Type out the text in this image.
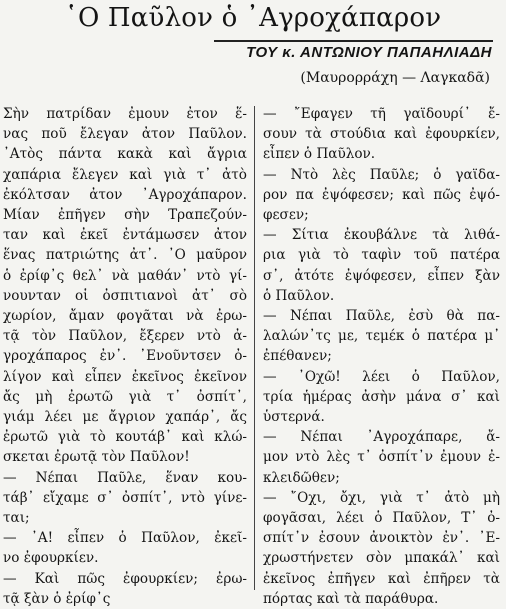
῾Ο Παῦλον ὁ ᾿Αγροχάπαρον
ΤΟΥ κ. ΑΝΤΩΝΙΟΥ ΠΑΠΑΗΛΙΑΔΗ
(Μαυρορράχη — Λαγκαδᾶ)
Σὴν πατρίδαν ἐμουν ἐτον ἕ-
νας ποῦ ἔλεγαν ἀτον Παῦλον.
᾿Ατὸς πάντα κακὰ καὶ ἄγρια
χαπάρια ἔλεγεν καὶ γιὰ τ᾿ ἀτὸ
ἐκόλτσαν ἀτον ᾿Αγροχάπαρον.
Μίαν ἐπῆγεν σὴν Τραπεζούν-
ταν καὶ ἐκεῖ ἐντάμωσεν ἀτον
ἕνας πατριώτης ἀτ᾿. ᾿Ο μαῦρον
ὁ ἐρίφ᾿ς θελ᾿ νὰ μαθάν᾿ ντὸ γί-
νουνταν οἱ ὀσπιτιανοὶ ἀτ᾿ σὸ
χωρίον, ἄμαν φογᾶται νὰ ἐρω-
τᾷ τὸν Παῦλον, ἔξερεν ντὸ ἀ-
γροχάπαρος ἐν᾿. ᾿Ενοῦντσεν ὀ-
λίγον καὶ εἶπεν ἐκεῖνος ἐκεῖνον
ἄς μὴ ἐρωτῶ γιὰ τ᾿ ὀσπίτ᾿,
γιάμ λέει με ἄγριον χαπάρ᾿, ἄς
ἐρωτῶ γιὰ τὸ κουτάβ᾿ καὶ κλώ-
σκεται ἐρωτᾷ τὸν Παῦλον!
— Νέπαι Παῦλε, ἕναν κου-
τάβ᾿ εἴχαμε σ᾿ ὀσπίτ᾿, ντὸ γίνε-
ται;
— ᾿Α! εἶπεν ὁ Παῦλον, ἐκεῖ-
νο ἐφουρκίεν.
— Καὶ πῶς ἐφουρκίεν; ἐρω-
τᾷ ξὰν ὁ ἐρίφ᾿ς
— ῎Εφαγεν τῆ γαϊδουρί᾿ ἔ-
σουν τὰ στούδια καὶ ἐφουρκίεν,
εἶπεν ὁ Παῦλον.
— Ντὸ λὲς Παῦλε; ὁ γαϊδα-
ρον πα ἐψόφεσεν; καὶ πῶς ἐψό-
φεσεν;
— Σίτια ἐκουβάλνε τὰ λιθά-
ρια γιὰ τὸ ταφὶν τοῦ πατέρα
σ᾿, ἀτότε ἐψόφεσεν, εἶπεν ξὰν
ὁ Παῦλον.
— Νέπαι Παῦλε, ἐσὺ θὰ πα-
λαλών᾿τς με, τεμέκ ὁ πατέρα μ᾿
ἐπέθανεν;
— ᾿Οχῶ! λέει ὁ Παῦλον,
τρία ἡμέρας ἀσὴν μάνα σ᾿ καὶ
ὑστερνά.
— Νέπαι ᾿Αγροχάπαρε, ἄ-
μον ντὸ λὲς τ᾿ ὀσπίτ᾿ν ἐμουν ἐ-
κλειδῶθεν;
— ῎Οχι, ὄχι, γιὰ τ᾿ ἀτὸ μὴ
φογᾶσαι, λέει ὁ Παῦλον, Τ᾿ ὀ-
σπίτ᾿ν ἐσουν ἀνοικτὸν ἐν᾿. ᾿Ε-
χρωστήνετεν σὸν μπακάλ᾿ καὶ
ἐκεῖνος ἐπῆγεν καὶ ἐπῆρεν τὰ
πόρτας καὶ τὰ παράθυρα.
